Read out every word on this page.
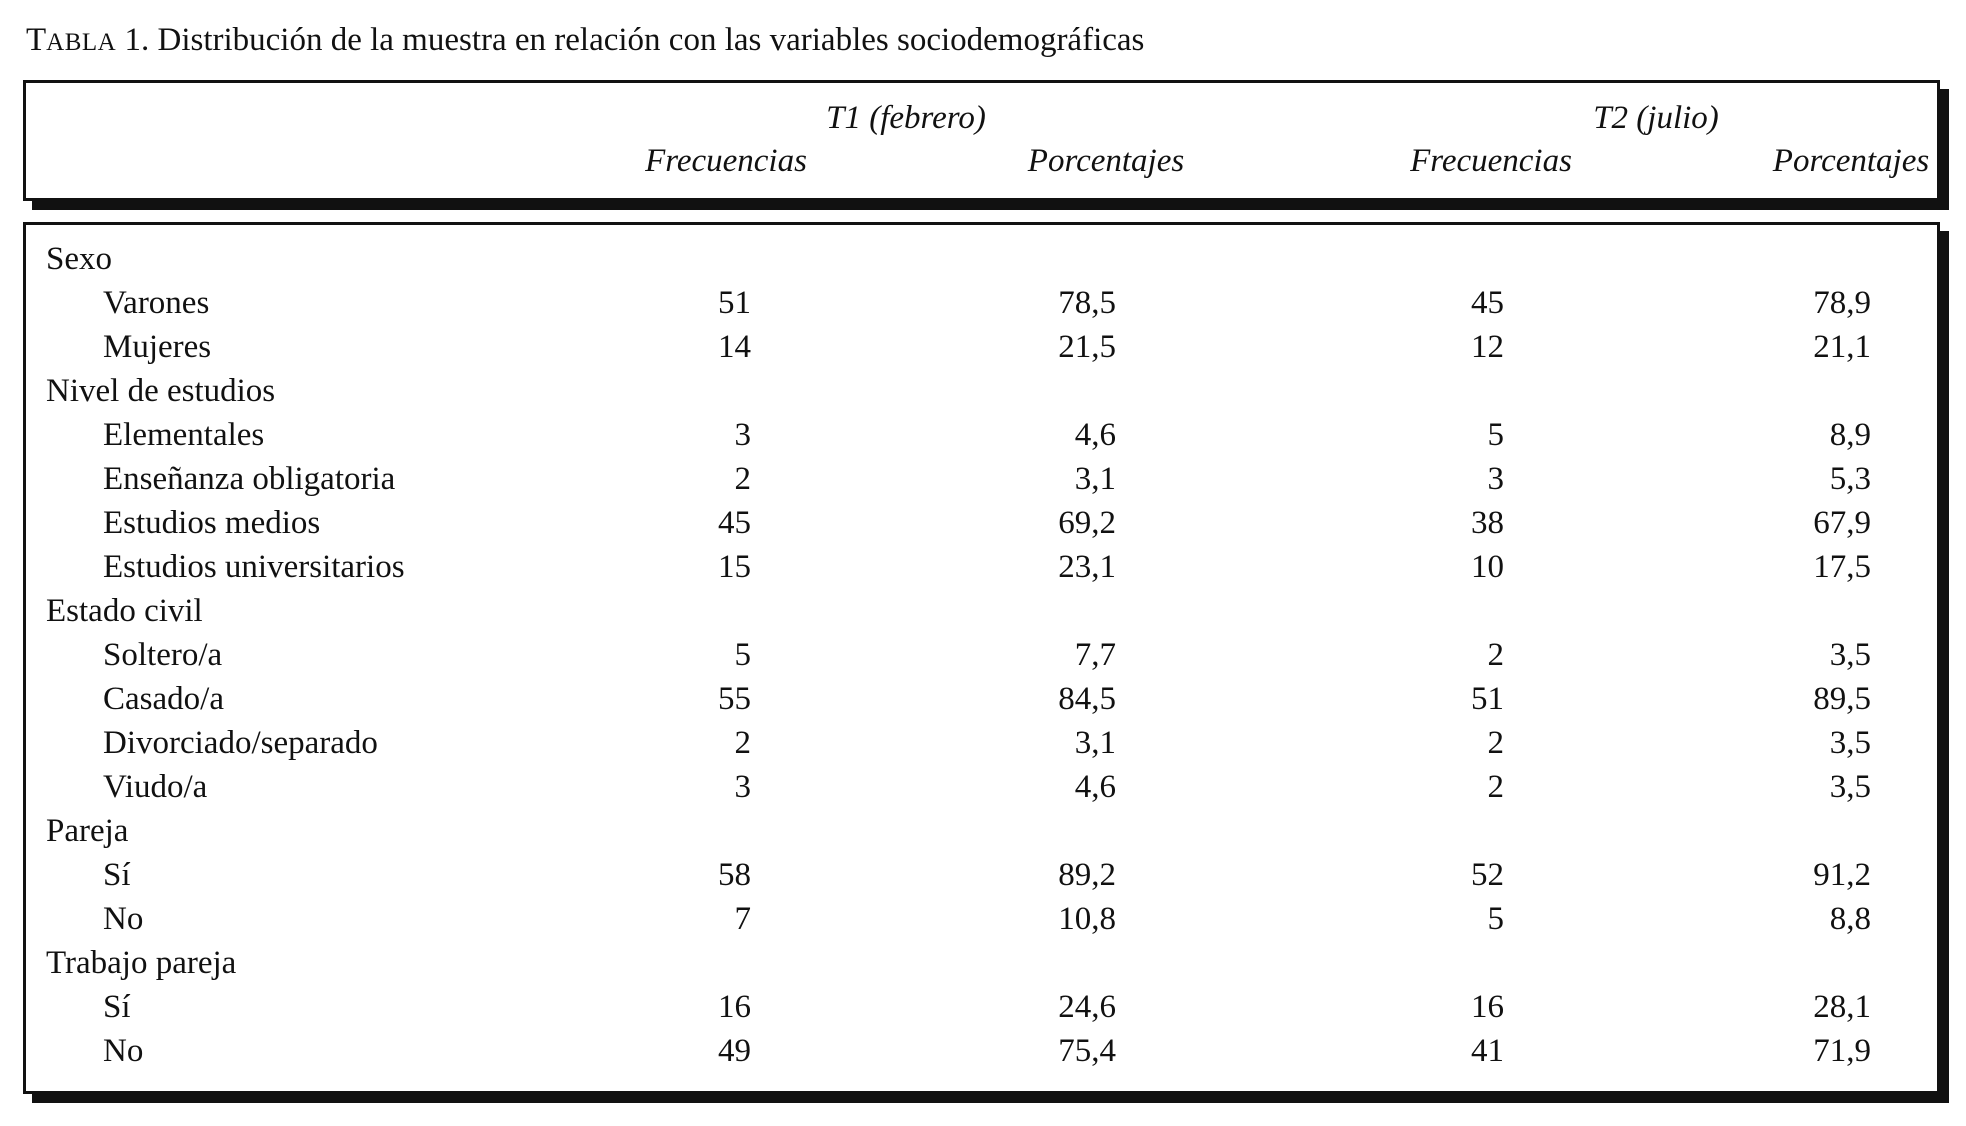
TABLA 1. Distribución de la muestra en relación con las variables sociodemográficas
T1 (febrero)	T2 (julio)
Frecuencias	Porcentajes	Frecuencias	Porcentajes
Sexo
Varones	51	78,5	45	78,9
Mujeres	14	21,5	12	21,1
Nivel de estudios
Elementales	3	4,6	5	8,9
Enseñanza obligatoria	2	3,1	3	5,3
Estudios medios	45	69,2	38	67,9
Estudios universitarios	15	23,1	10	17,5
Estado civil
Soltero/a	5	7,7	2	3,5
Casado/a	55	84,5	51	89,5
Divorciado/separado	2	3,1	2	3,5
Viudo/a	3	4,6	2	3,5
Pareja
Sí	58	89,2	52	91,2
No	7	10,8	5	8,8
Trabajo pareja
Sí	16	24,6	16	28,1
No	49	75,4	41	71,9
